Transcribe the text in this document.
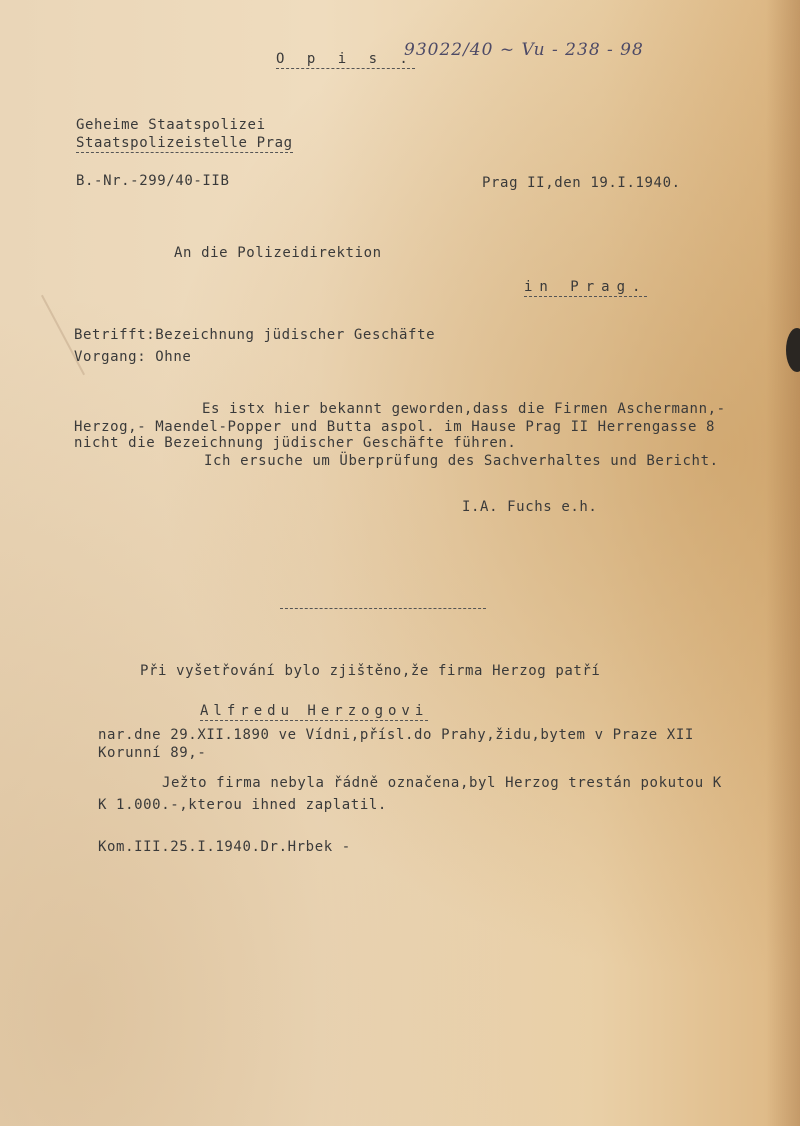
O p i s .
93022/40 ~ Vu - 238 - 98
Geheime Staatspolizei
Staatspolizeistelle Prag
B.-Nr.-299/40-IIB	Prag II,den 19.I.1940.
An die Polizeidirektion
in Prag.
Betrifft:Bezeichnung jüdischer Geschäfte
Vorgang: Ohne
Es istx hier bekannt geworden,dass die Firmen Aschermann,-
Herzog,- Maendel-Popper und Butta aspol. im Hause Prag II Herrengasse 8
nicht die Bezeichnung jüdischer Geschäfte führen.
Ich ersuche um Überprüfung des Sachverhaltes und Bericht.
I.A. Fuchs e.h.
Při vyšetřování bylo zjištěno,že firma Herzog patří
Alfredu Herzogovi
nar.dne 29.XII.1890 ve Vídni,přísl.do Prahy,židu,bytem v Praze XII
Korunní 89,-
Ježto firma nebyla řádně označena,byl Herzog trestán pokutou K
K 1.000.-,kterou ihned zaplatil.
Kom.III.25.I.1940.Dr.Hrbek -
